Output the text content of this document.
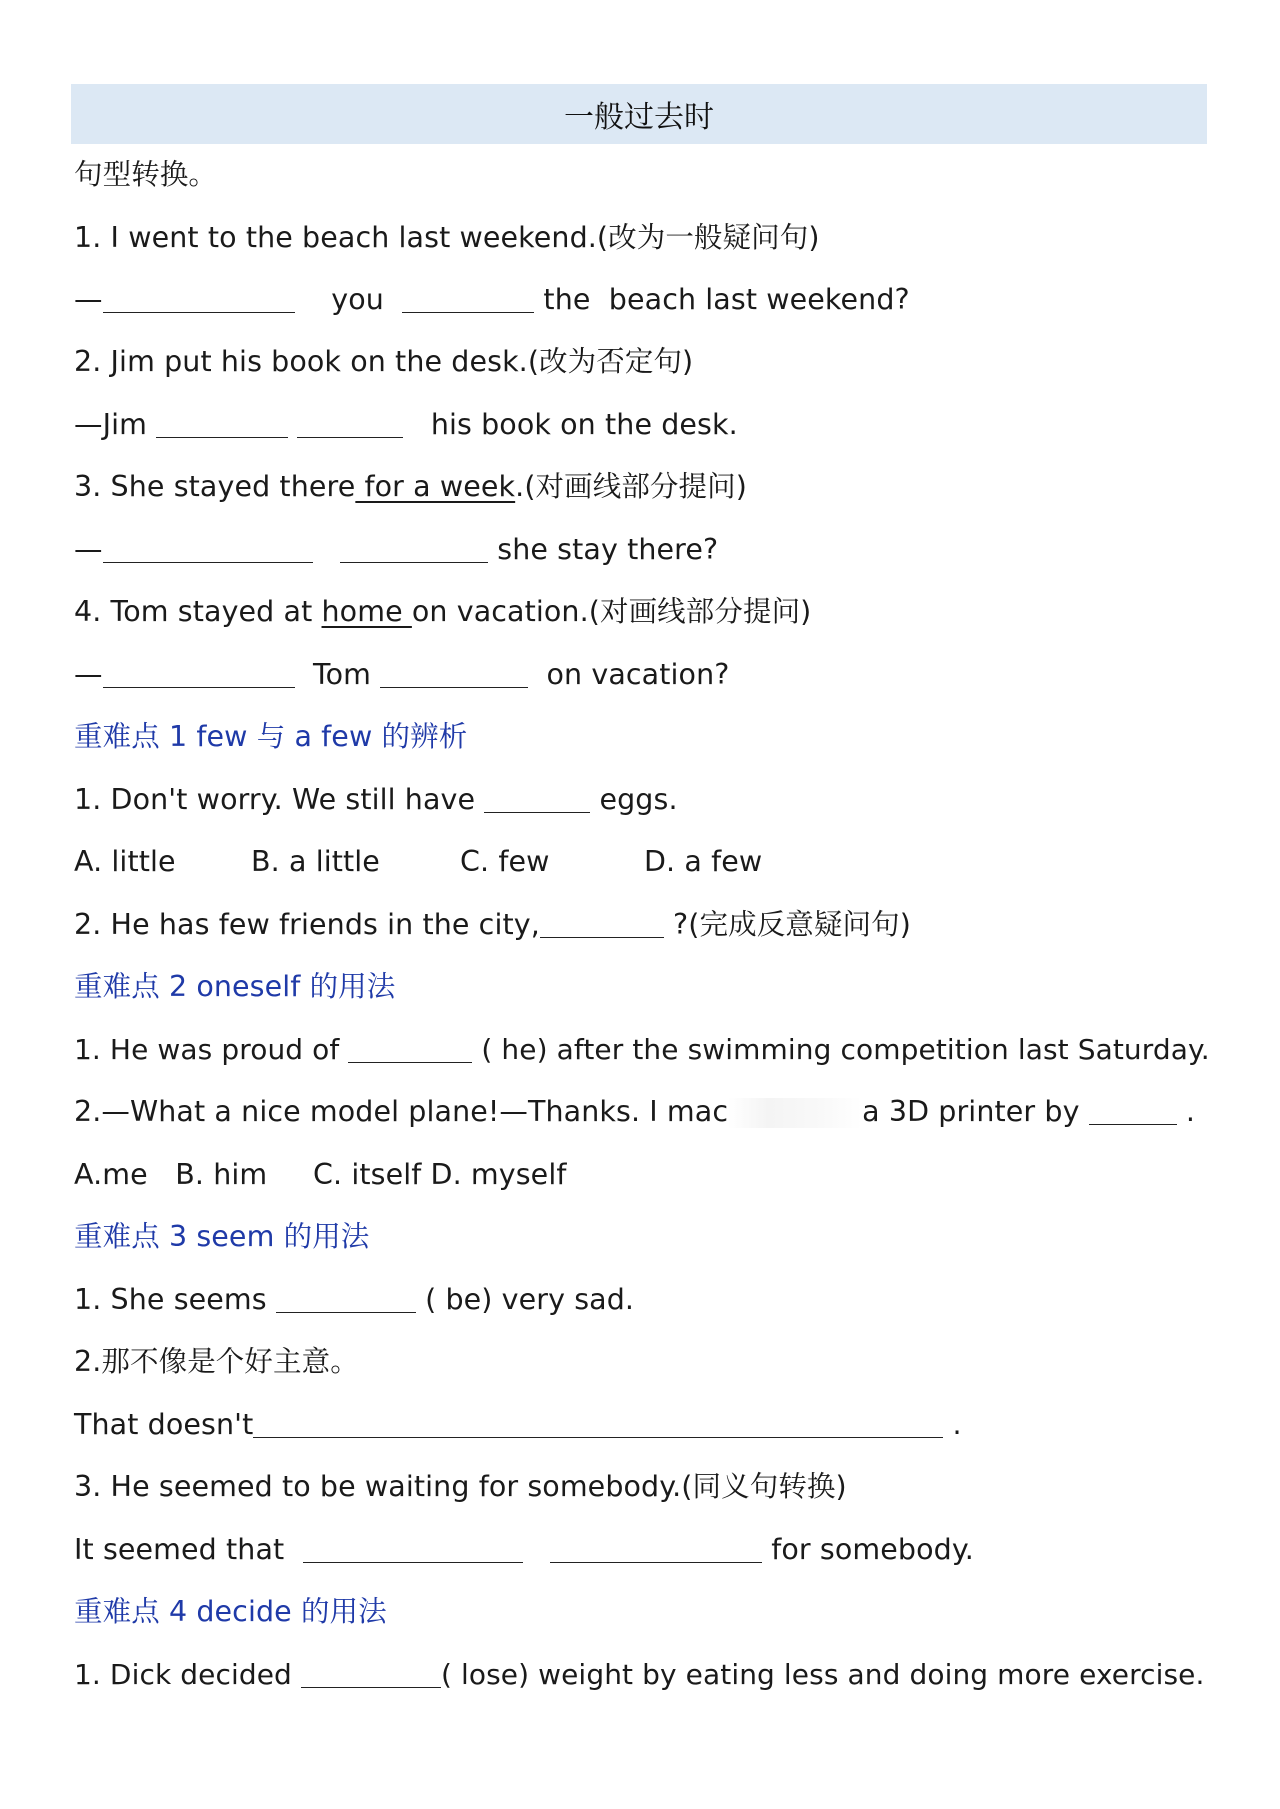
一般过去时
句型转换。
1. I went to the beach last weekend.(改为一般疑问句)
—	you	the  beach last weekend?
2. Jim put his book on the desk.(改为否定句)
—Jim	his book on the desk.
3. She stayed there for a week.(对画线部分提问)
—	she stay there?
4. Tom stayed at home on vacation.(对画线部分提问)
—	Tom	on vacation?
重难点 1 few 与 a few 的辨析
1. Don't worry. We still have	eggs.
A. little	B. a little	C. few	D. a few
2. He has few friends in the city,	?(完成反意疑问句)
重难点 2 oneself 的用法
1. He was proud of	( he) after the swimming competition last Saturday.
2.—What a nice model plane!—Thanks. I mac	a 3D printer by	.
A.me   B. him     C. itself D. myself
重难点 3 seem 的用法
1. She seems	( be) very sad.
2.那不像是个好主意。
That doesn't	.
3. He seemed to be waiting for somebody.(同义句转换)
It seemed that	for somebody.
重难点 4 decide 的用法
1. Dick decided	( lose) weight by eating less and doing more exercise.
